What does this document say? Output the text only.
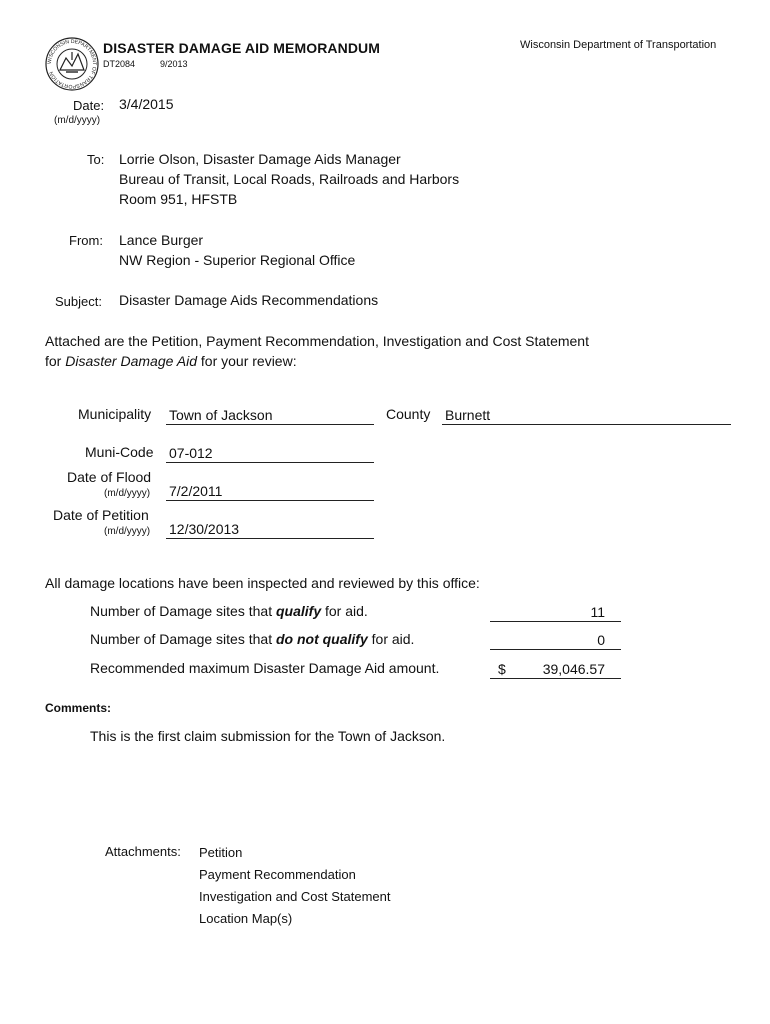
WISCONSIN DEPARTMENT OF TRANSPORTATION
DISASTER DAMAGE AID MEMORANDUM
DT2084	9/2013
Wisconsin Department of Transportation
Date:
(m/d/yyyy)
3/4/2015
To: Lorrie Olson, Disaster Damage Aids Manager
Bureau of Transit, Local Roads, Railroads and Harbors
Room 951, HFSTB
From: Lance Burger
NW Region - Superior Regional Office
Subject: Disaster Damage Aids Recommendations
Attached are the Petition, Payment Recommendation, Investigation and Cost Statement
for Disaster Damage Aid for your review:
Municipality Town of Jackson	County Burnett
Muni-Code 07-012
Date of Flood
(m/d/yyyy) 7/2/2011
Date of Petition
(m/d/yyyy) 12/30/2013
All damage locations have been inspected and reviewed by this office:
Number of Damage sites that qualify for aid.	11
Number of Damage sites that do not qualify for aid.	0
Recommended maximum Disaster Damage Aid amount.	$	39,046.57
Comments:
This is the first claim submission for the Town of Jackson.
Attachments: Petition
Payment Recommendation
Investigation and Cost Statement
Location Map(s)
